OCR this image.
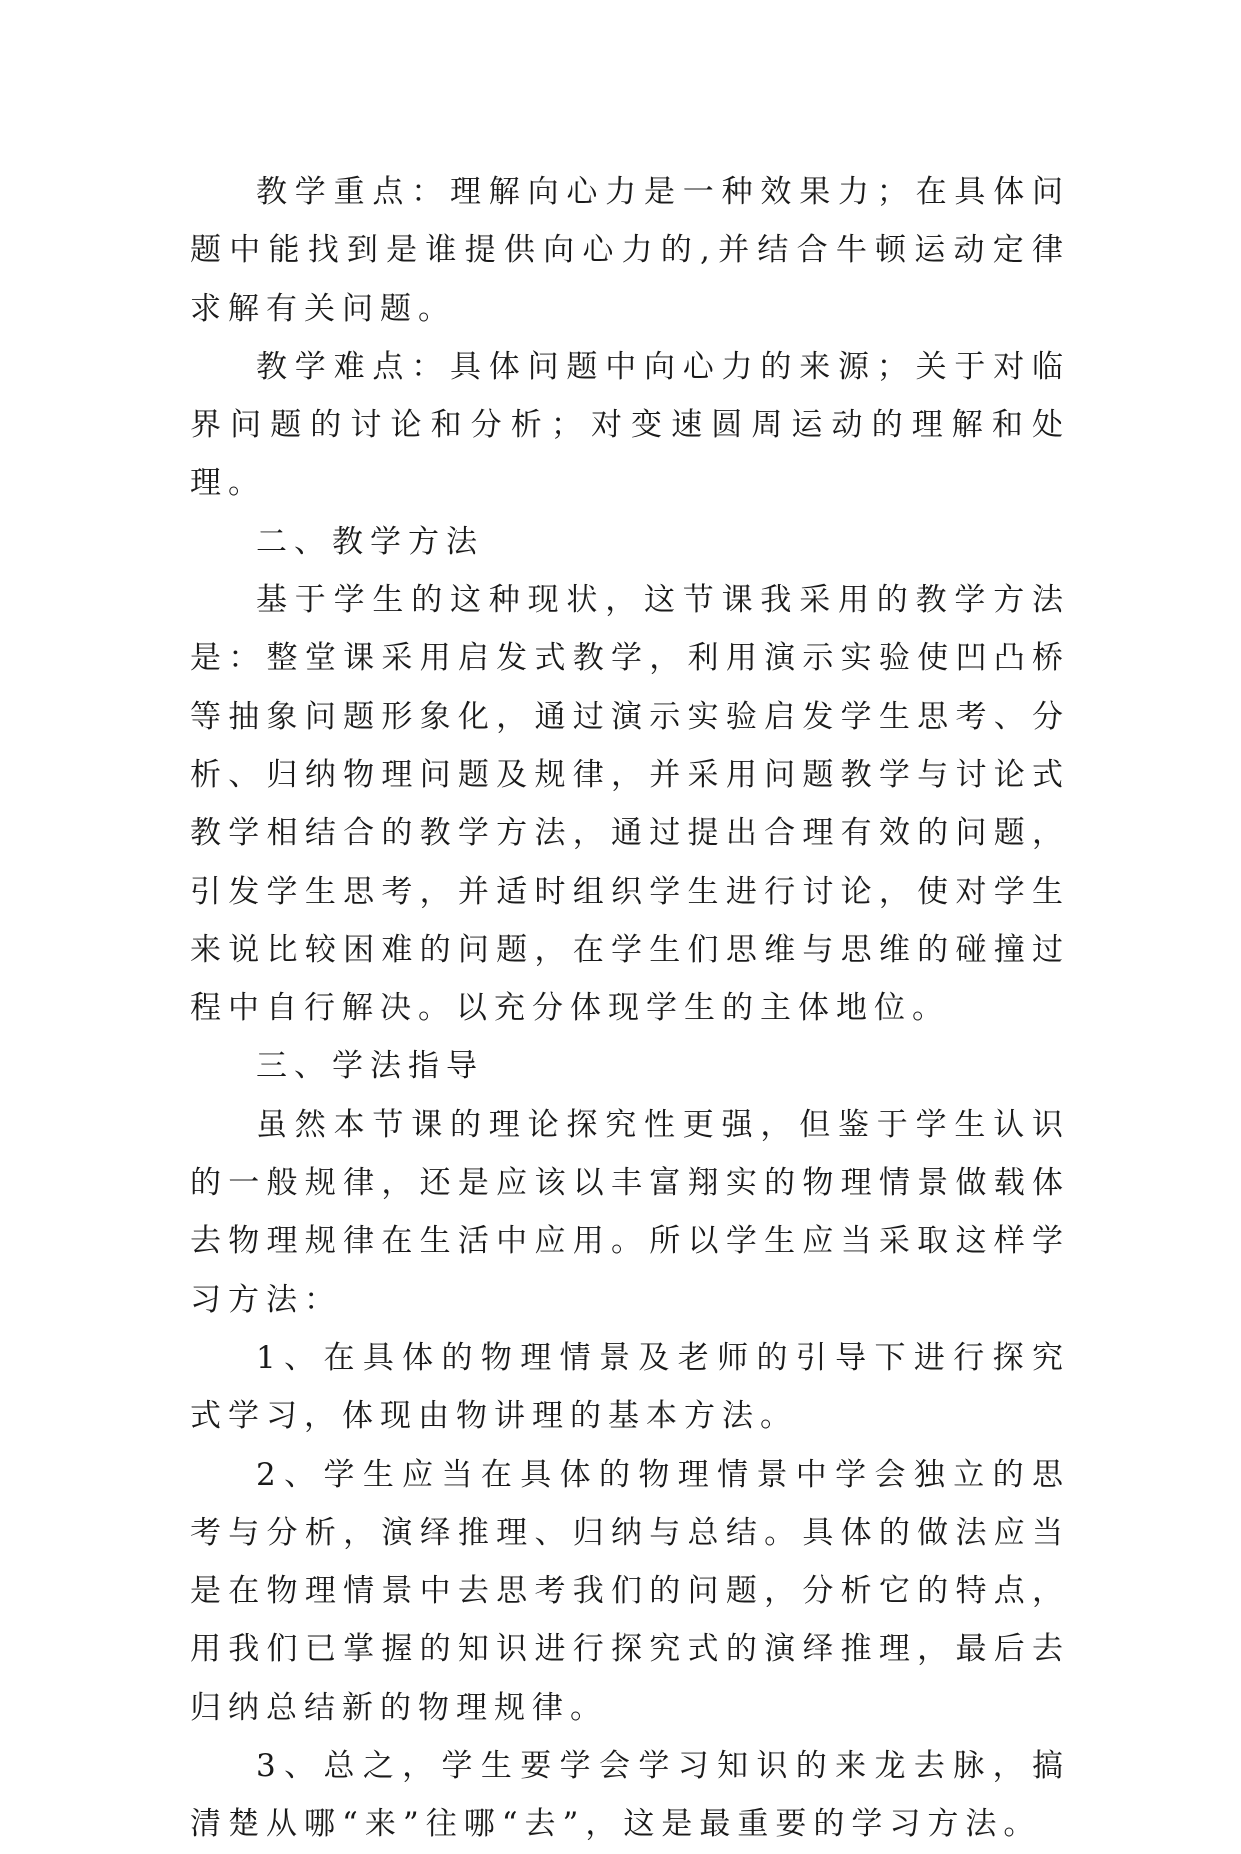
教学重点：理解向心力是一种效果力；在具体问题中能找到是谁提供向心力的,并结合牛顿运动定律求解有关问题。

教学难点：具体问题中向心力的来源；关于对临界问题的讨论和分析；对变速圆周运动的理解和处理。

二、教学方法

基于学生的这种现状，这节课我采用的教学方法是：整堂课采用启发式教学，利用演示实验使凹凸桥等抽象问题形象化，通过演示实验启发学生思考、分析、归纳物理问题及规律，并采用问题教学与讨论式教学相结合的教学方法，通过提出合理有效的问题，引发学生思考，并适时组织学生进行讨论，使对学生来说比较困难的问题，在学生们思维与思维的碰撞过程中自行解决。以充分体现学生的主体地位。

三、学法指导

虽然本节课的理论探究性更强，但鉴于学生认识的一般规律，还是应该以丰富翔实的物理情景做载体去物理规律在生活中应用。所以学生应当采取这样学习方法：

1、在具体的物理情景及老师的引导下进行探究式学习，体现由物讲理的基本方法。

2、学生应当在具体的物理情景中学会独立的思考与分析，演绎推理、归纳与总结。具体的做法应当是在物理情景中去思考我们的问题，分析它的特点，用我们已掌握的知识进行探究式的演绎推理，最后去归纳总结新的物理规律。

3、总之，学生要学会学习知识的来龙去脉，搞清楚从哪“来”往哪“去”，这是最重要的学习方法。
